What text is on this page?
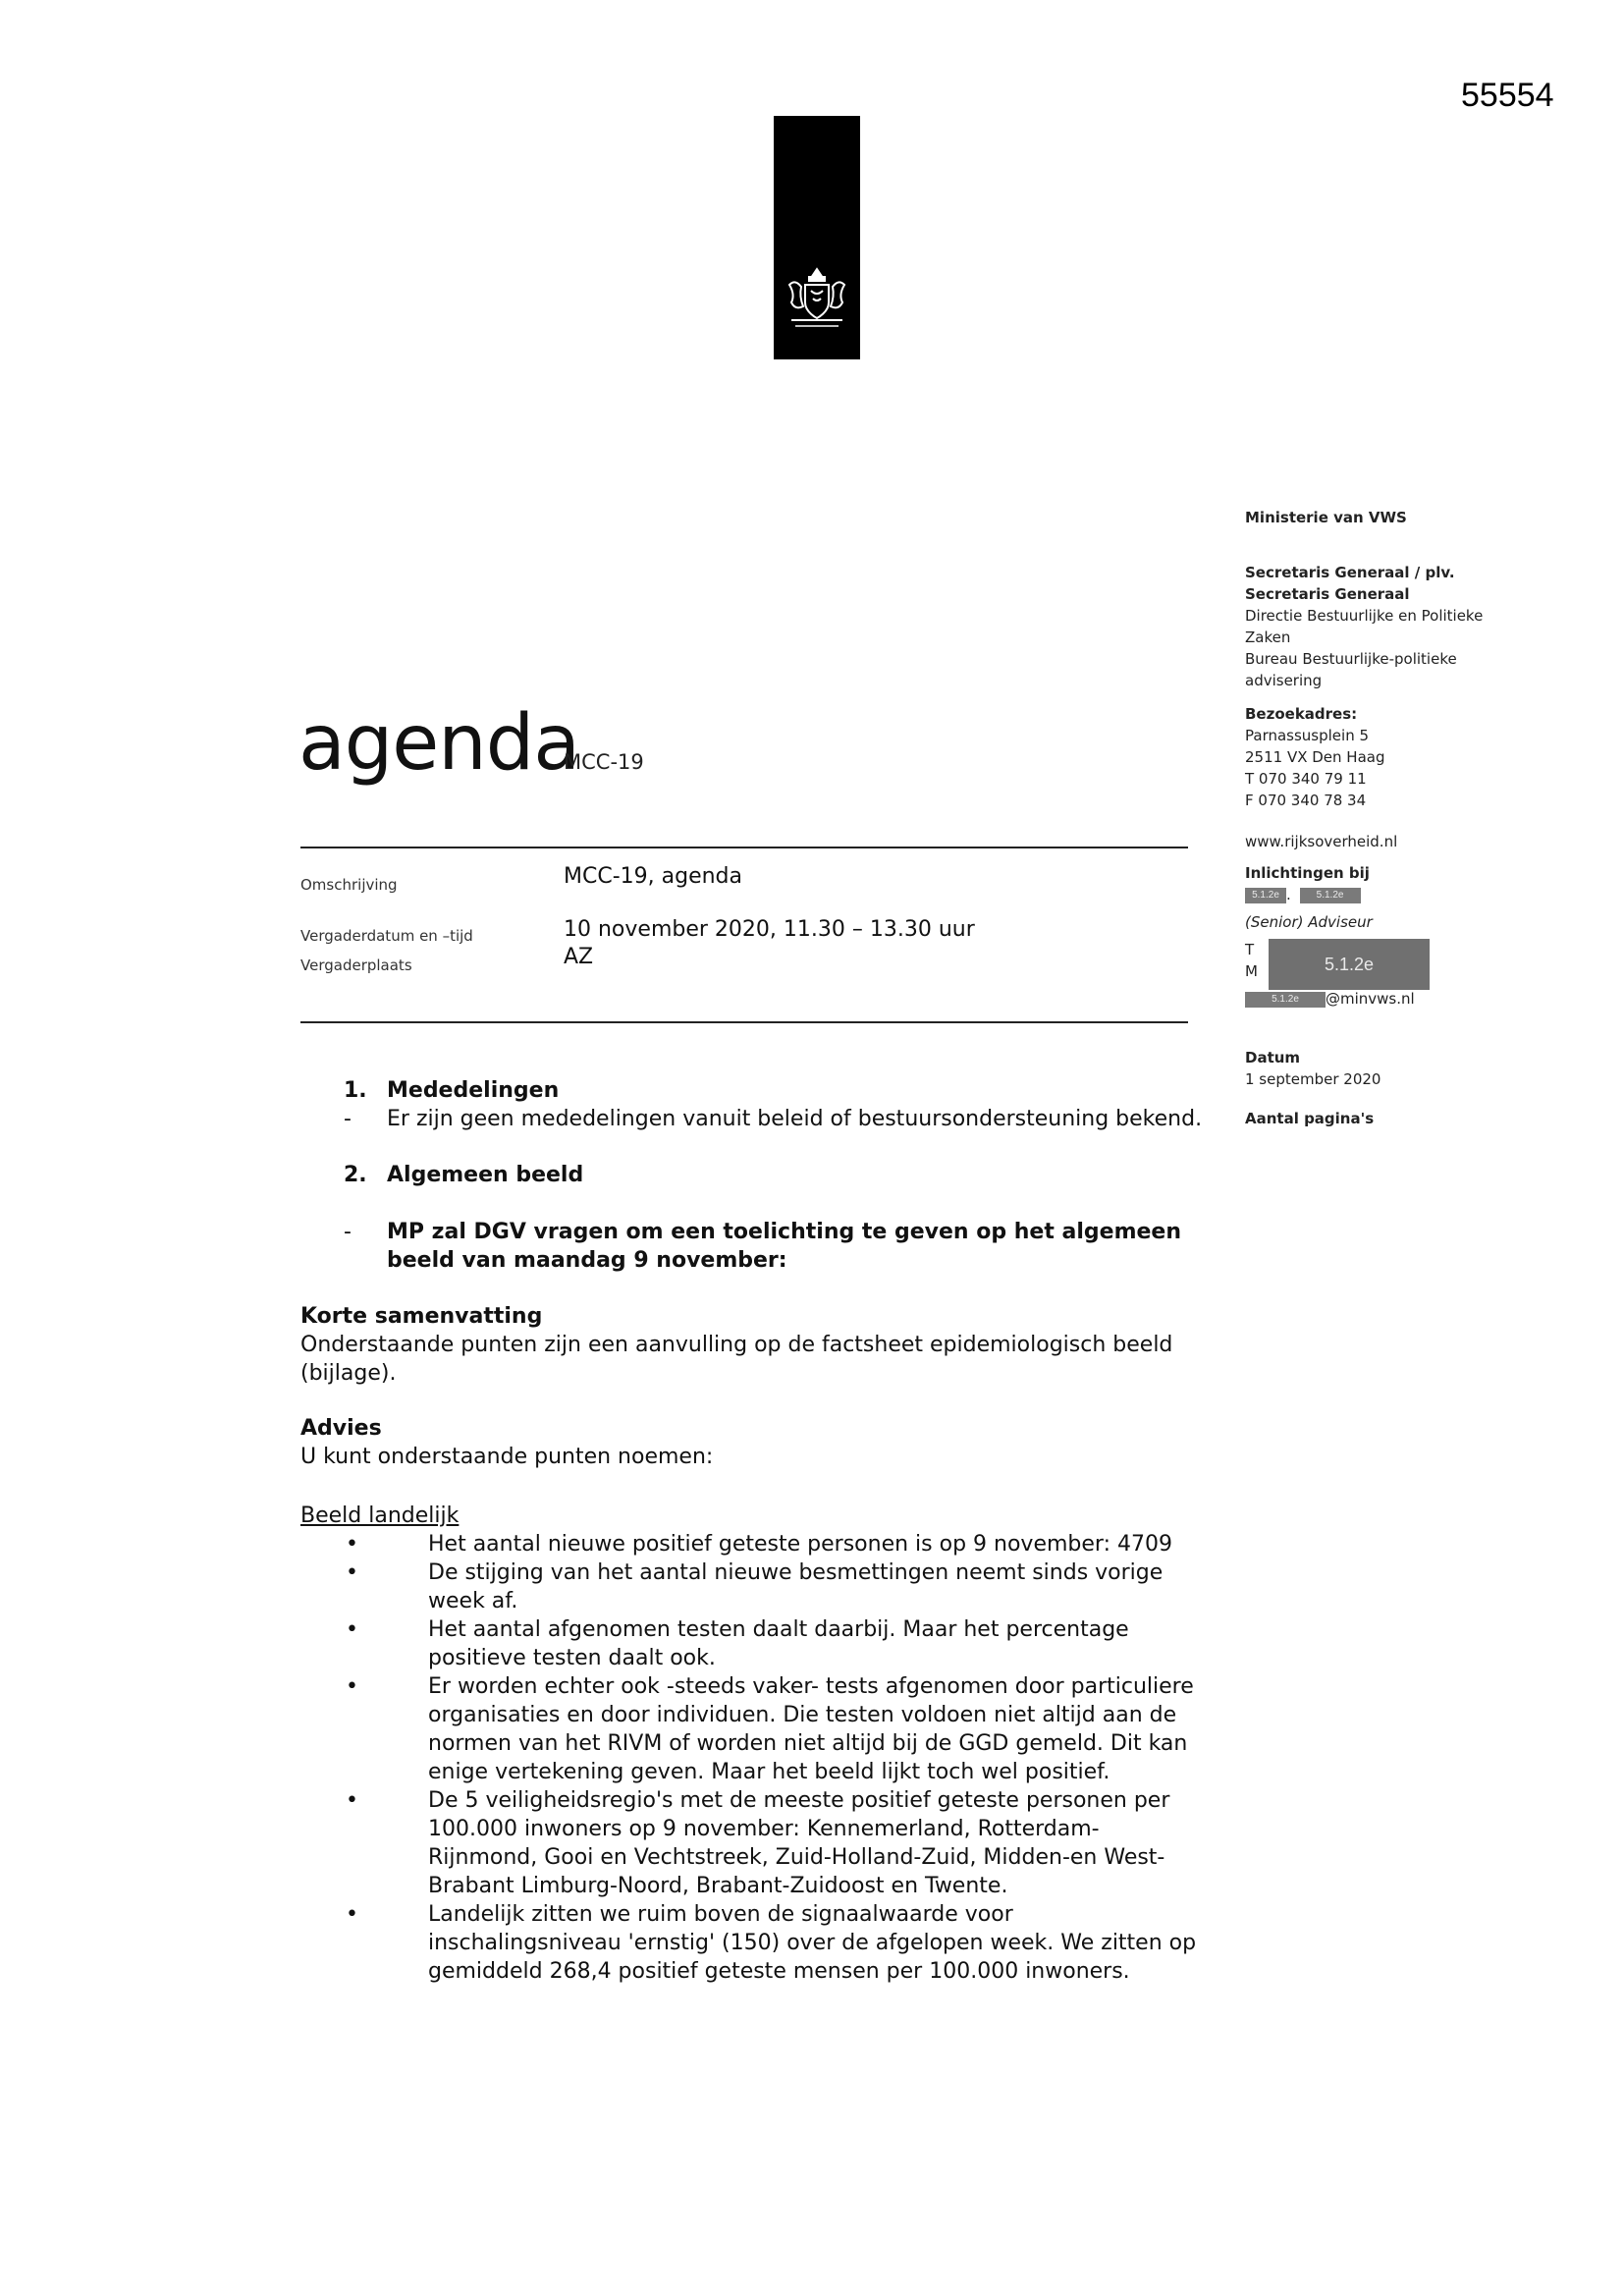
55554
Ministerie van VWS
Secretaris Generaal / plv.
Secretaris Generaal
Directie Bestuurlijke en Politieke
Zaken
Bureau Bestuurlijke-politieke
advisering
Bezoekadres:
Parnassusplein 5
2511 VX Den Haag
T 070 340 79 11
F 070 340 78 34
www.rijksoverheid.nl
Inlichtingen bij
5.1.2e .	5.1.2e
(Senior) Adviseur
T
M	5.1.2e
5.1.2e @minvws.nl
Datum
1 september 2020
Aantal pagina's
agenda
MCC-19
Omschrijving	MCC-19, agenda
Vergaderdatum en –tijd	10 november 2020, 11.30 – 13.30 uur
Vergaderplaats	AZ
1. Mededelingen
- Er zijn geen mededelingen vanuit beleid of bestuursondersteuning bekend.
2. Algemeen beeld
- MP zal DGV vragen om een toelichting te geven op het algemeen
beeld van maandag 9 november:
Korte samenvatting
Onderstaande punten zijn een aanvulling op de factsheet epidemiologisch beeld
(bijlage).
Advies
U kunt onderstaande punten noemen:
Beeld landelijk
•	Het aantal nieuwe positief geteste personen is op 9 november: 4709
•	De stijging van het aantal nieuwe besmettingen neemt sinds vorige
week af.
•	Het aantal afgenomen testen daalt daarbij. Maar het percentage
positieve testen daalt ook.
•	Er worden echter ook -steeds vaker- tests afgenomen door particuliere
organisaties en door individuen. Die testen voldoen niet altijd aan de
normen van het RIVM of worden niet altijd bij de GGD gemeld. Dit kan
enige vertekening geven. Maar het beeld lijkt toch wel positief.
•	De 5 veiligheidsregio's met de meeste positief geteste personen per
100.000 inwoners op 9 november: Kennemerland, Rotterdam-
Rijnmond, Gooi en Vechtstreek, Zuid-Holland-Zuid, Midden-en West-
Brabant Limburg-Noord, Brabant-Zuidoost en Twente.
•	Landelijk zitten we ruim boven de signaalwaarde voor
inschalingsniveau 'ernstig' (150) over de afgelopen week. We zitten op
gemiddeld 268,4 positief geteste mensen per 100.000 inwoners.
